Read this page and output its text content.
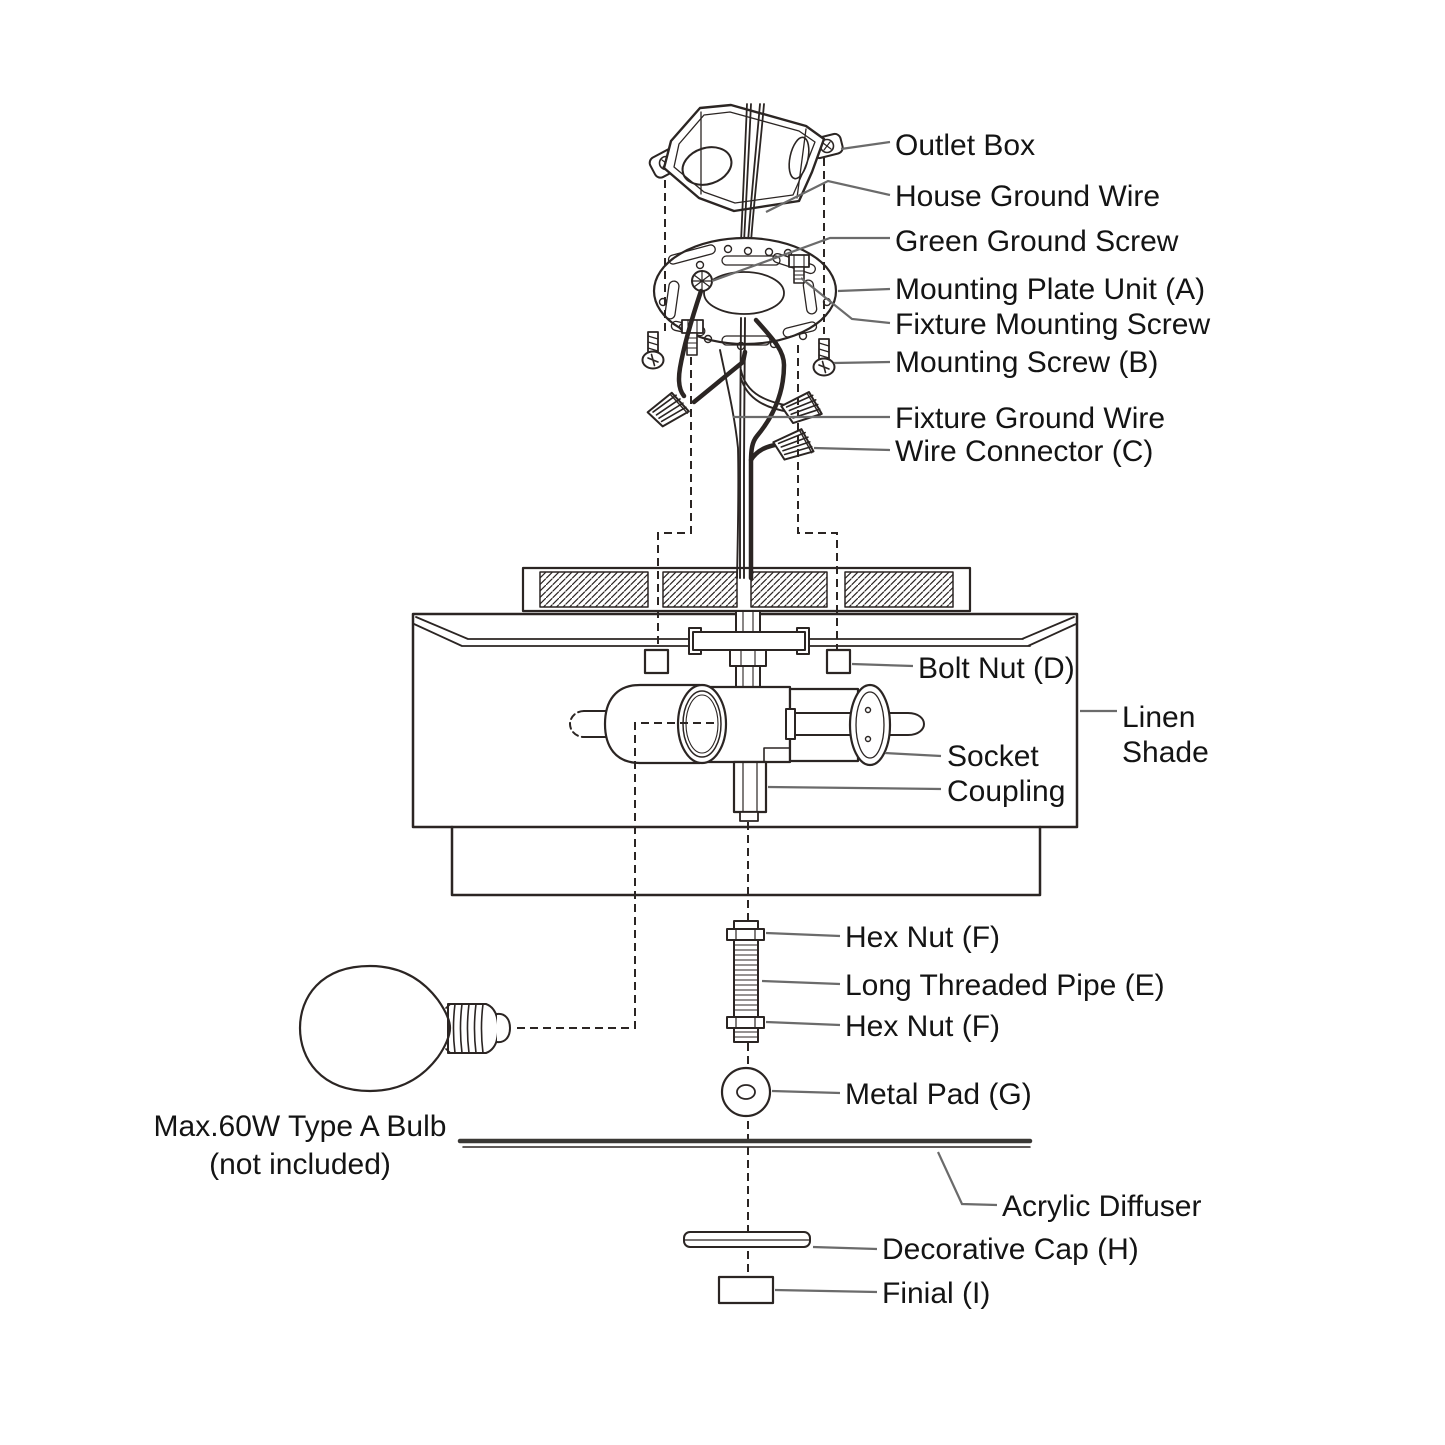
Outlet Box
House Ground Wire
Green Ground Screw
Mounting Plate Unit (A)
Fixture Mounting Screw
Mounting Screw (B)
Fixture Ground Wire
Wire Connector (C)
Bolt Nut (D)
Linen
Shade
Socket
Coupling
Hex Nut (F)
Long Threaded Pipe (E)
Hex Nut (F)
Metal Pad (G)
Acrylic Diffuser
Decorative Cap (H)
Finial (I)
Max.60W Type A Bulb
(not included)
